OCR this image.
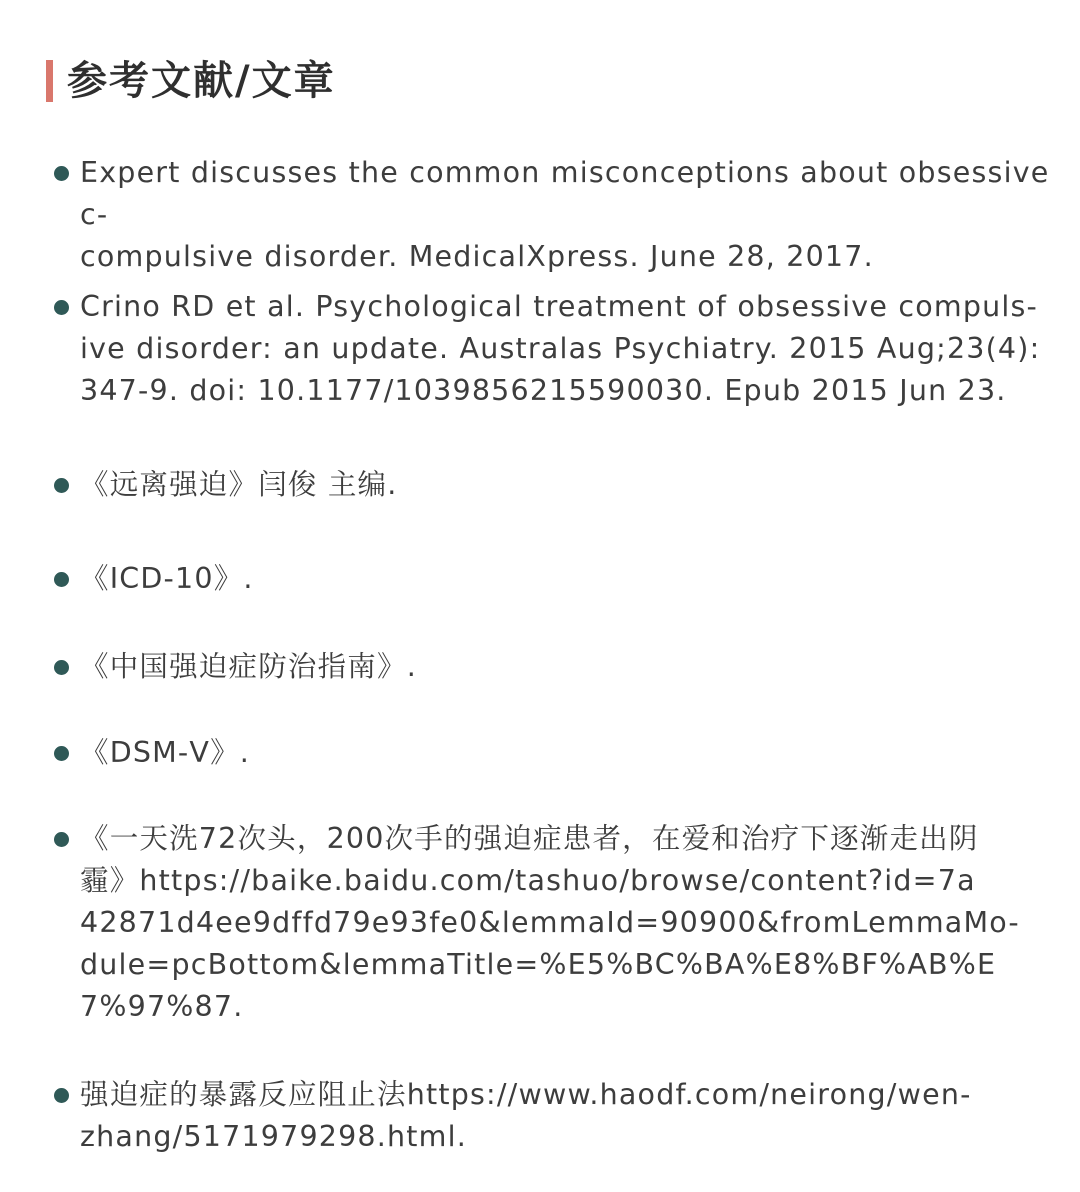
参考文献/文章
Expert discusses the common misconceptions about obsessivec-
compulsive disorder. MedicalXpress. June 28, 2017.
Crino RD et al. Psychological treatment of obsessive compuls-
ive disorder: an update. Australas Psychiatry. 2015 Aug;23(4):
347-9. doi: 10.1177/1039856215590030. Epub 2015 Jun 23.
《远离强迫》闫俊 主编.
《ICD-10》.
《中国强迫症防治指南》.
《DSM-Ⅴ》.
《一天洗72次头，200次手的强迫症患者，在爱和治疗下逐渐走出阴
霾》https://baike.baidu.com/tashuo/browse/content?id=7a
42871d4ee9dffd79e93fe0&lemmaId=90900&fromLemmaMo-
dule=pcBottom&lemmaTitle=%E5%BC%BA%E8%BF%AB%E
7%97%87.
强迫症的暴露反应阻止法https://www.haodf.com/neirong/wen-
zhang/5171979298.html.
